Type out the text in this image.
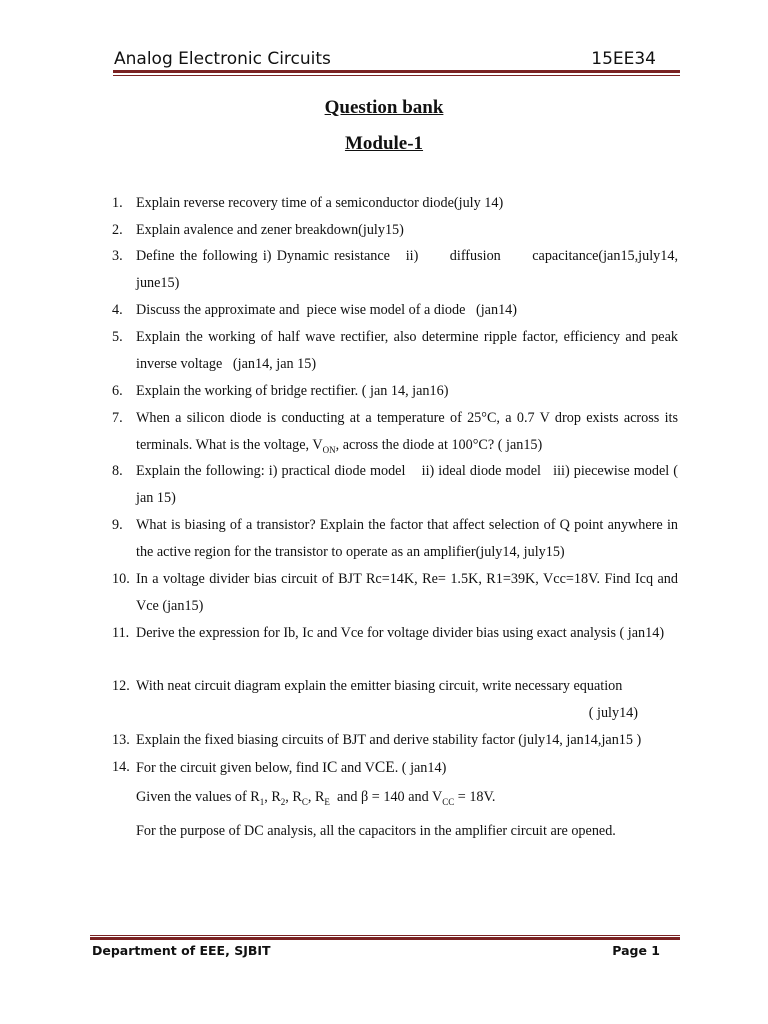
Analog Electronic Circuits	15EE34
Question bank
Module-1
1. Explain reverse recovery time of a semiconductor diode(july 14)
2. Explain avalence and zener breakdown(july15)
3. Define the following i) Dynamic resistance   ii)      diffusion      capacitance(jan15,july14, june15)
4. Discuss the approximate and  piece wise model of a diode   (jan14)
5. Explain the working of half wave rectifier, also determine ripple factor, efficiency and peak inverse voltage   (jan14, jan 15)
6. Explain the working of bridge rectifier. ( jan 14, jan16)
7. When a silicon diode is conducting at a temperature of 25°C, a 0.7 V drop exists across its terminals. What is the voltage, $V_{ON}$, across the diode at 100°C? ( jan15)
8. Explain the following: i) practical diode model    ii) ideal diode model   iii) piecewise model ( jan 15)
9. What is biasing of a transistor? Explain the factor that affect selection of Q point anywhere in the active region for the transistor to operate as an amplifier(july14, july15)
10. In a voltage divider bias circuit of BJT Rc=14K, Re= 1.5K, R1=39K, Vcc=18V. Find Icq and Vce (jan15)
11. Derive the expression for Ib, Ic and Vce for voltage divider bias using exact analysis ( jan14)
12. With neat circuit diagram explain the emitter biasing circuit, write necessary equation
( july14)
13. Explain the fixed biasing circuits of BJT and derive stability factor (july14, jan14,jan15 )
14. For the circuit given below, find IC and VCE. ( jan14)
Given the values of $R_1$, $R_2$, $R_C$, $R_E$  and β = 140 and $V_{CC} = 18V$.
For the purpose of DC analysis, all the capacitors in the amplifier circuit are opened.
Department of EEE, SJBIT	Page 1
